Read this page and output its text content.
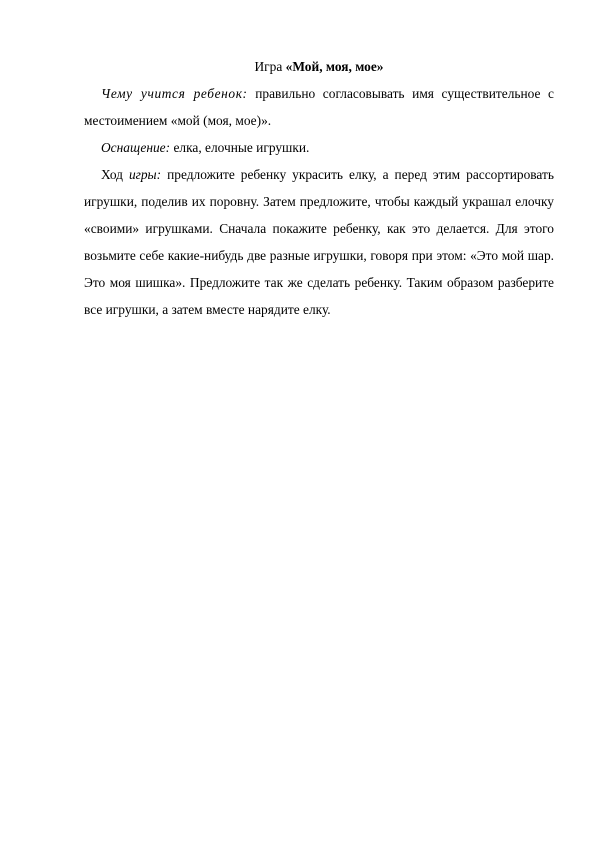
Игра «Мой, моя, мое»

Чему учится ребенок: правильно согласовывать имя существительное с местоимением «мой (моя, мое)».

Оснащение: елка, елочные игрушки.

Ход игры: предложите ребенку украсить елку, а перед этим рассортировать игрушки, поделив их поровну. Затем предложите, чтобы каждый украшал елочку «своими» игрушками. Сначала покажите ребенку, как это делается. Для этого возьмите себе какие-нибудь две разные игрушки, говоря при этом: «Это мой шар. Это моя шишка». Предложите так же сделать ребенку. Таким образом разберите все игрушки, а затем вместе нарядите елку.
